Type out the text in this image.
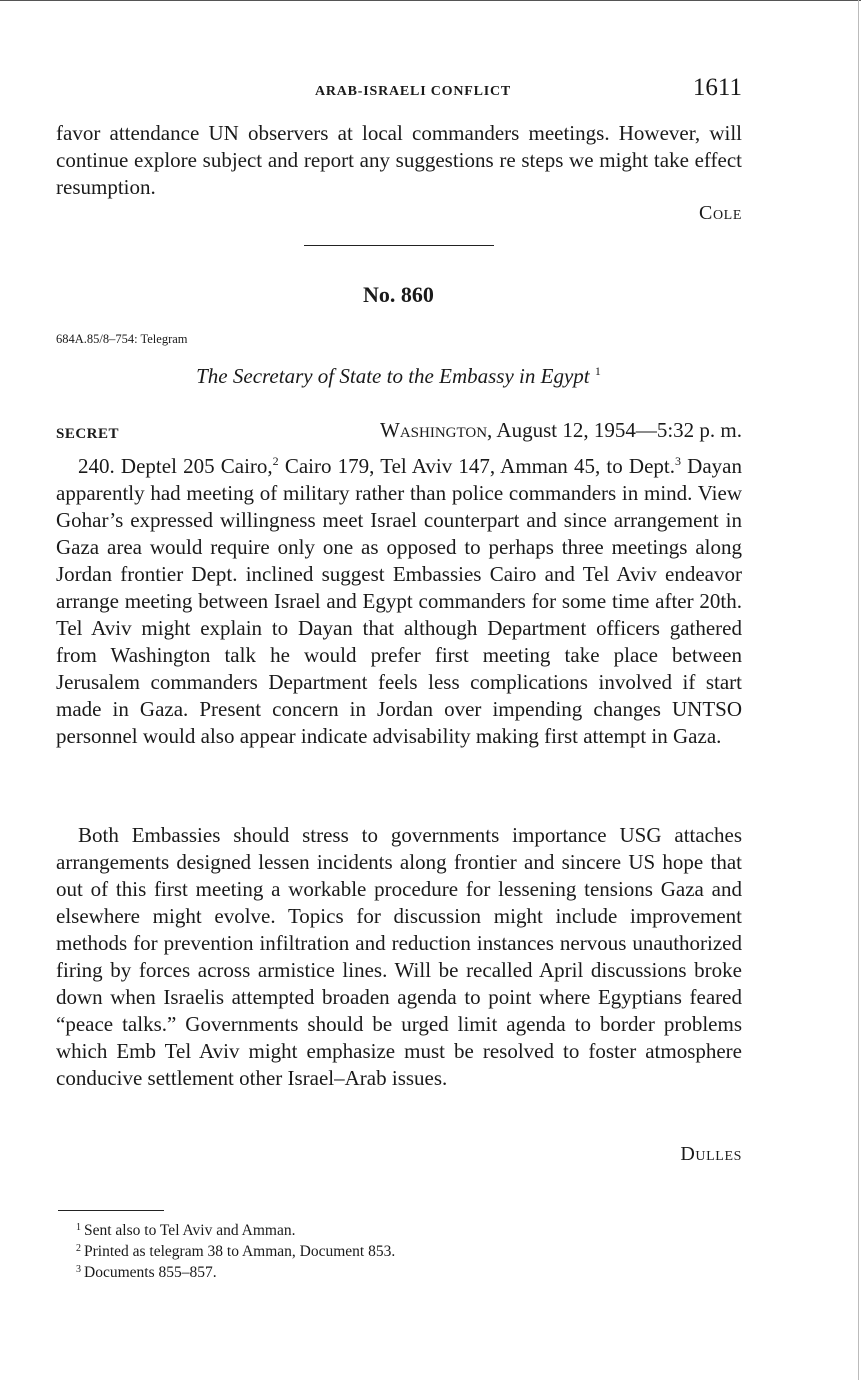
ARAB-ISRAELI CONFLICT	1611
favor attendance UN observers at local commanders meetings. However, will continue explore subject and report any suggestions re steps we might take effect resumption.
Cole
No. 860
684A.85/8–754: Telegram
The Secretary of State to the Embassy in Egypt $^1$
SECRET	Washington, August 12, 1954—5:32 p. m.
240. Deptel 205 Cairo,$^2$ Cairo 179, Tel Aviv 147, Amman 45, to Dept.$^3$ Dayan apparently had meeting of military rather than police commanders in mind. View Gohar’s expressed willingness meet Israel counterpart and since arrangement in Gaza area would require only one as opposed to perhaps three meetings along Jordan frontier Dept. inclined suggest Embassies Cairo and Tel Aviv endeavor arrange meeting between Israel and Egypt commanders for some time after 20th. Tel Aviv might explain to Dayan that although Department officers gathered from Washington talk he would prefer first meeting take place between Jerusalem commanders Department feels less complications involved if start made in Gaza. Present concern in Jordan over impending changes UNTSO personnel would also appear indicate advisability making first attempt in Gaza.
Both Embassies should stress to governments importance USG attaches arrangements designed lessen incidents along frontier and sincere US hope that out of this first meeting a workable procedure for lessening tensions Gaza and elsewhere might evolve. Topics for discussion might include improvement methods for prevention infiltration and reduction instances nervous unauthorized firing by forces across armistice lines. Will be recalled April discussions broke down when Israelis attempted broaden agenda to point where Egyptians feared “peace talks.” Governments should be urged limit agenda to border problems which Emb Tel Aviv might emphasize must be resolved to foster atmosphere conducive settlement other Israel–Arab issues.
Dulles
$^1$ Sent also to Tel Aviv and Amman.
$^2$ Printed as telegram 38 to Amman, Document 853.
$^3$ Documents 855–857.
